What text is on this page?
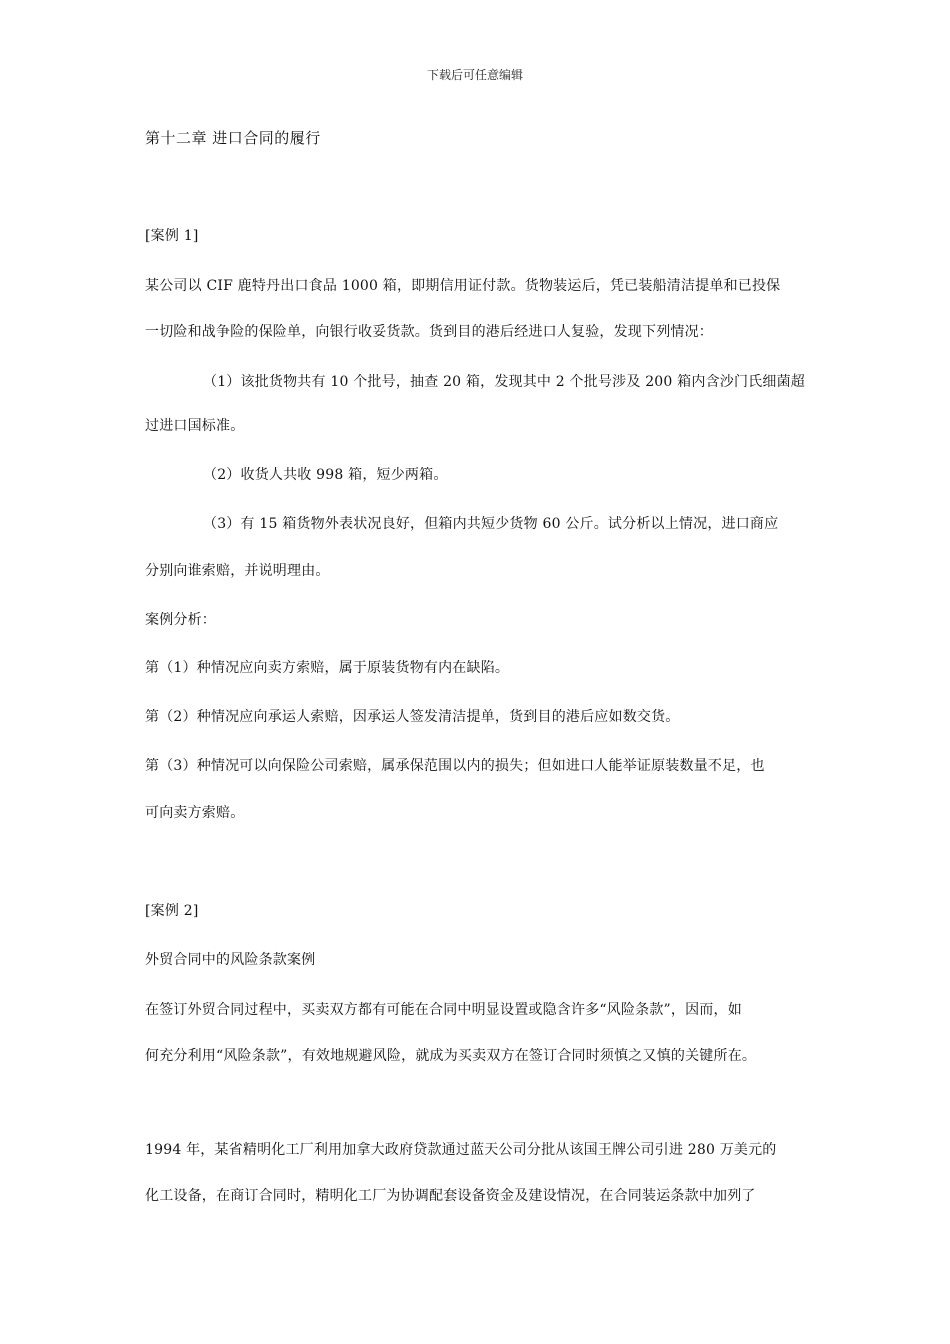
下载后可任意编辑
第十二章 进口合同的履行
[案例 1]
某公司以 CIF 鹿特丹出口食品 1000 箱，即期信用证付款。货物装运后，凭已装船清洁提单和已投保
一切险和战争险的保险单，向银行收妥货款。货到目的港后经进口人复验，发现下列情况：
（1）该批货物共有 10 个批号，抽查 20 箱，发现其中 2 个批号涉及 200 箱内含沙门氏细菌超
过进口国标准。
（2）收货人共收 998 箱，短少两箱。
（3）有 15 箱货物外表状况良好，但箱内共短少货物 60 公斤。试分析以上情况，进口商应
分别向谁索赔，并说明理由。
案例分析：
第（1）种情况应向卖方索赔，属于原装货物有内在缺陷。
第（2）种情况应向承运人索赔，因承运人签发清洁提单，货到目的港后应如数交货。
第（3）种情况可以向保险公司索赔，属承保范围以内的损失；但如进口人能举证原装数量不足，也
可向卖方索赔。
[案例 2]
外贸合同中的风险条款案例
在签订外贸合同过程中，买卖双方都有可能在合同中明显设置或隐含许多“风险条款”，因而，如
何充分利用“风险条款”，有效地规避风险，就成为买卖双方在签订合同时须慎之又慎的关键所在。
1994 年，某省精明化工厂利用加拿大政府贷款通过蓝天公司分批从该国王牌公司引进 280 万美元的
化工设备，在商订合同时，精明化工厂为协调配套设备资金及建设情况，在合同装运条款中加列了
